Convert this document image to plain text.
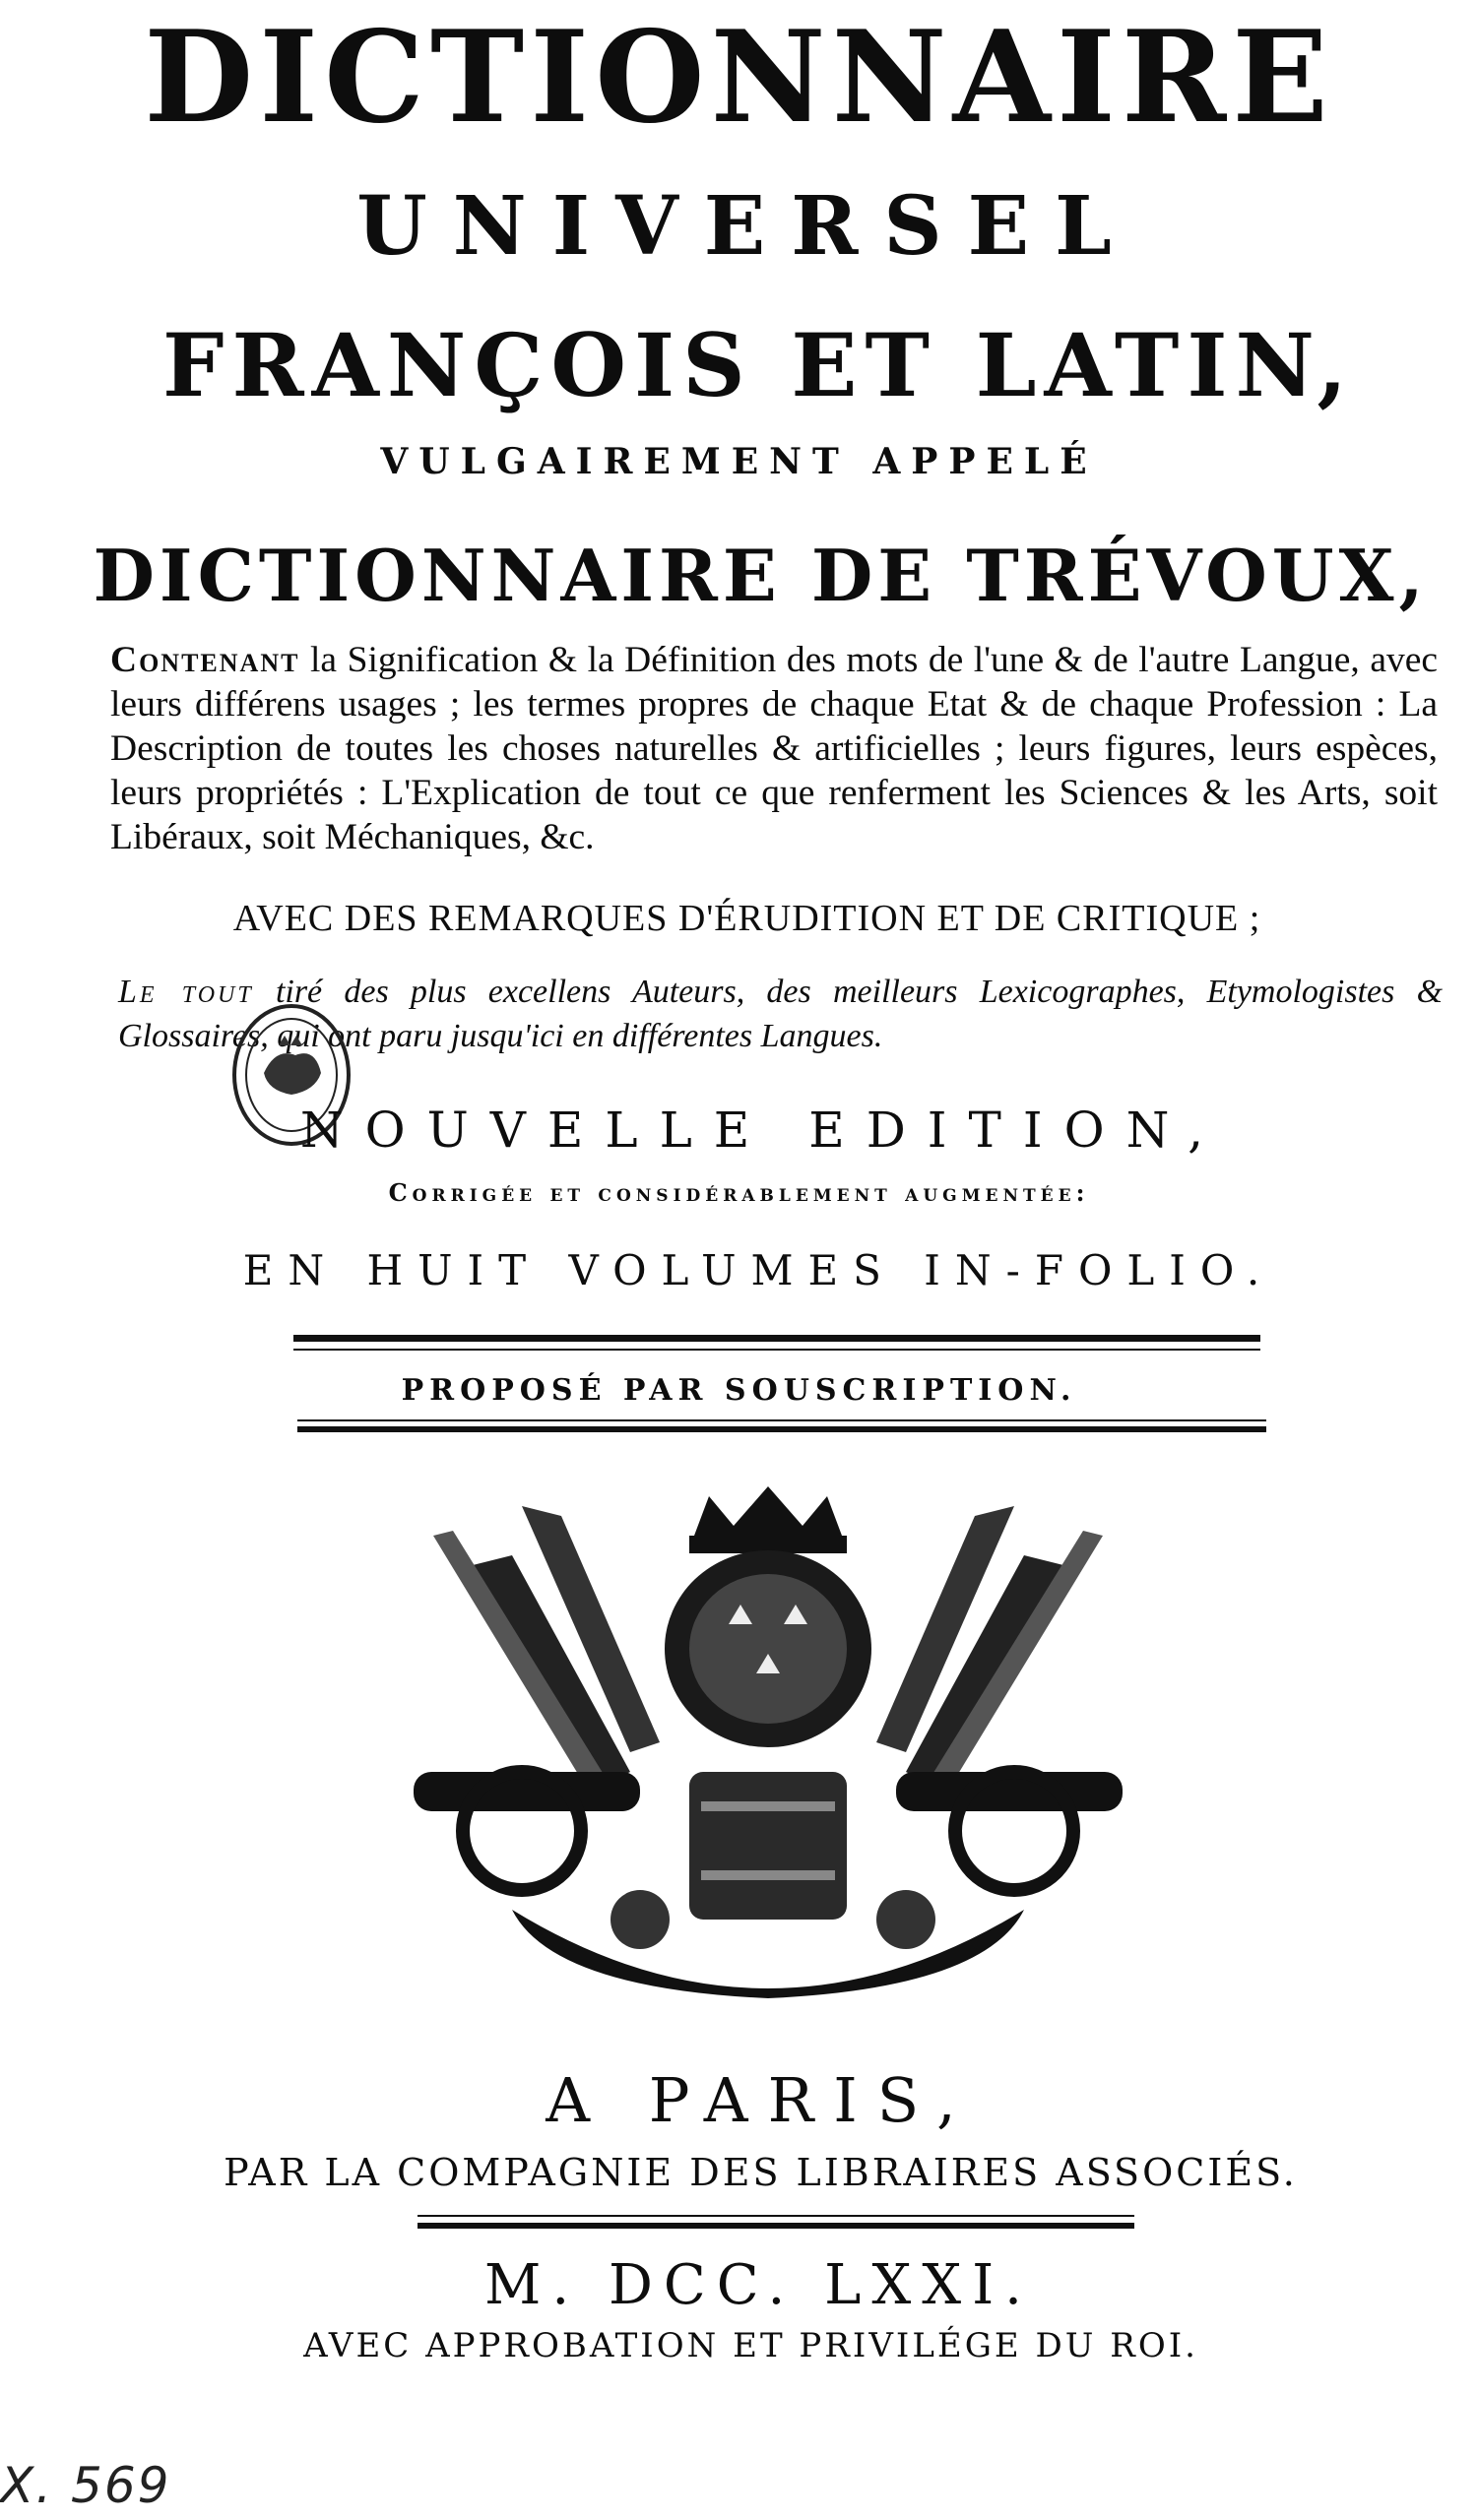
DICTIONNAIRE
UNIVERSEL
FRANÇOIS ET LATIN,
VULGAIREMENT APPELÉ
DICTIONNAIRE DE TRÉVOUX,
Contenant la Signification & la Définition des mots de l'une & de l'autre Langue, avec leurs différens usages ; les termes propres de chaque Etat & de chaque Profession : La Description de toutes les choses naturelles & artificielles ; leurs figures, leurs espèces, leurs propriétés : L'Explication de tout ce que renferment les Sciences & les Arts, soit Libéraux, soit Méchaniques, &c.
AVEC DES REMARQUES D'ÉRUDITION ET DE CRITIQUE ;
Le tout tiré des plus excellens Auteurs, des meilleurs Lexicographes, Etymologistes & Glossaires, qui ont paru jusqu'ici en différentes Langues.
NOUVELLE EDITION,
Corrigée et considérablement augmentée:
EN HUIT VOLUMES IN-FOLIO.
PROPOSÉ PAR SOUSCRIPTION.
A PARIS,
PAR LA COMPAGNIE DES LIBRAIRES ASSOCIÉS.
M. DCC. LXXI.
AVEC APPROBATION ET PRIVILÉGE DU ROI.
X. 569
